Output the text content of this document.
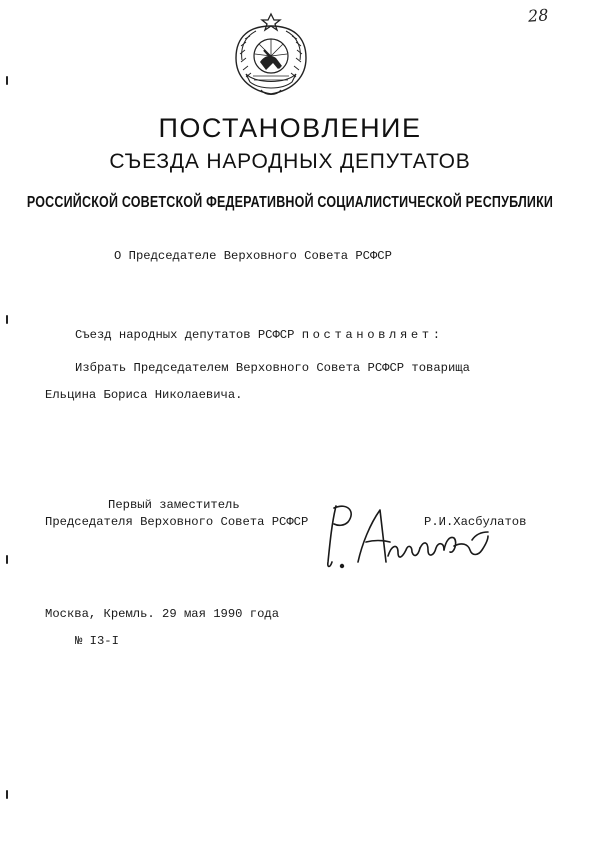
28
ПОСТАНОВЛЕНИЕ
СЪЕЗДА НАРОДНЫХ ДЕПУТАТОВ
РОССИЙСКОЙ СОВЕТСКОЙ ФЕДЕРАТИВНОЙ СОЦИАЛИСТИЧЕСКОЙ РЕСПУБЛИКИ
О Председателе Верховного Совета РСФСР
Съезд народных депутатов РСФСР постановляет:
Избрать Председателем Верховного Совета РСФСР товарища
Ельцина Бориса Николаевича.
Первый заместитель
Председателя Верховного Совета РСФСР	Р.И.Хасбулатов
Москва, Кремль. 29 мая 1990 года
№ I3-I
